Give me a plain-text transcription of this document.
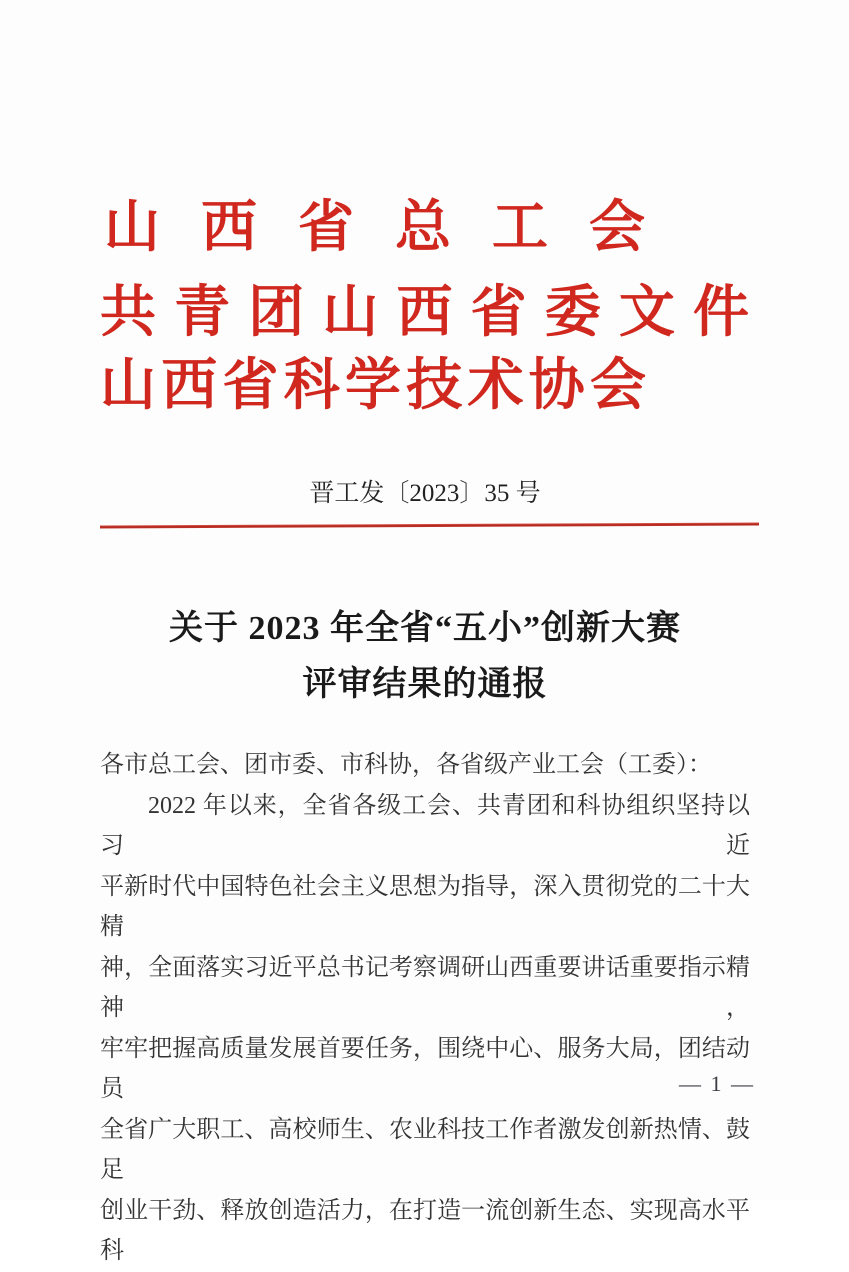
山 西 省 总 工 会
共 青 团 山 西 省 委 文 件
山 西 省 科 学 技 术 协 会
晋工发〔2023〕35 号
关于 2023 年全省“五小”创新大赛
评审结果的通报
各市总工会、团市委、市科协，各省级产业工会（工委）：
2022 年以来，全省各级工会、共青团和科协组织坚持以习近
平新时代中国特色社会主义思想为指导，深入贯彻党的二十大精
神，全面落实习近平总书记考察调研山西重要讲话重要指示精神，
牢牢把握高质量发展首要任务，围绕中心、服务大局，团结动员
全省广大职工、高校师生、农业科技工作者激发创新热情、鼓足
创业干劲、释放创造活力，在打造一流创新生态、实现高水平科
— 1 —
